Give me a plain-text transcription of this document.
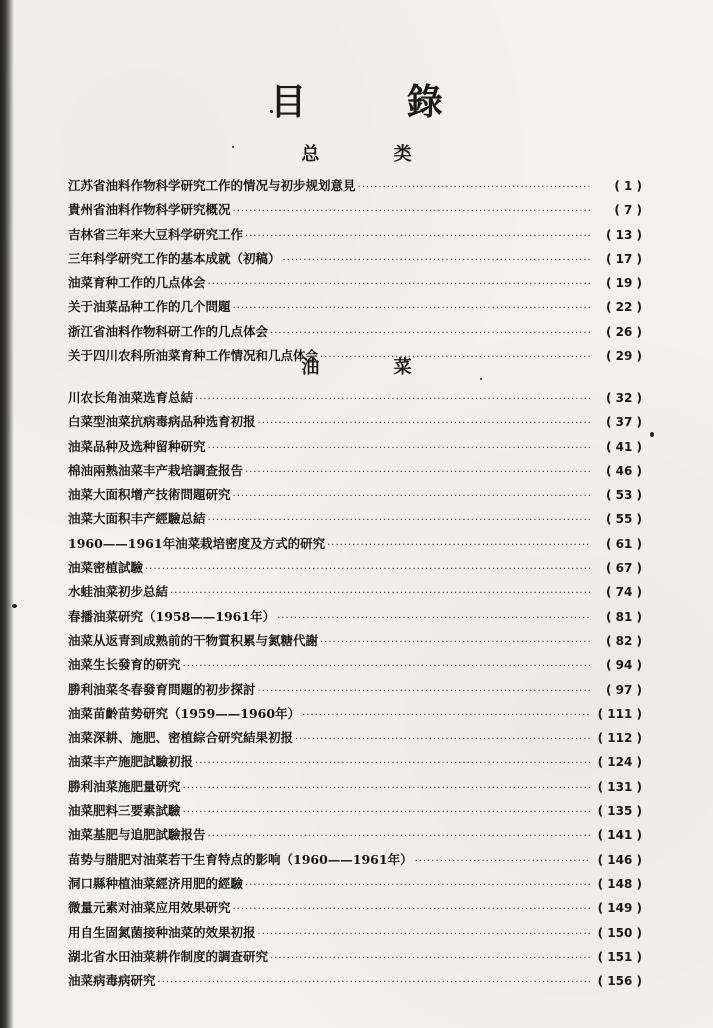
目 錄
总 类
江苏省油料作物科学研究工作的情况与初步规划意見 ·····	( 1 )
貴州省油料作物科学研究概况 ·····	( 7 )
吉林省三年来大豆科学研究工作 ·····	( 13 )
三年科学研究工作的基本成就（初稿） ·····	( 17 )
油菜育种工作的几点体会 ·····	( 19 )
关于油菜品种工作的几个問題 ·····	( 22 )
浙江省油料作物科研工作的几点体会 ·····	( 26 )
关于四川农科所油菜育种工作情况和几点体会 ·····	( 29 )
油 菜
川农长角油菜选育总結 ·····	( 32 )
白菜型油菜抗病毒病品种选育初报 ·····	( 37 )
油菜品种及选种留种研究 ·····	( 41 )
棉油兩熟油菜丰产栽培調查报告 ·····	( 46 )
油菜大面积增产技術問題研究 ·····	( 53 )
油菜大面积丰产經驗总結 ·····	( 55 )
1960——1961年油菜栽培密度及方式的研究 ·····	( 61 )
油菜密植試驗 ·····	( 67 )
水蛙油菜初步总結 ·····	( 74 )
春播油菜研究（1958——1961年） ·····	( 81 )
油菜从返青到成熟前的干物質积累与氮糖代謝 ·····	( 82 )
油菜生长發育的研究 ·····	( 94 )
勝利油菜冬春發育問題的初步探討 ·····	( 97 )
油菜苗齡苗势研究（1959——1960年） ·····	( 111 )
油菜深耕、施肥、密植綜合研究結果初报 ·····	( 112 )
油菜丰产施肥試驗初报 ·····	( 124 )
勝利油菜施肥量研究 ·····	( 131 )
油菜肥料三要素試驗 ·····	( 135 )
油菜基肥与追肥試驗报告 ·····	( 141 )
苗势与腊肥对油菜若干生育特点的影响（1960——1961年） ·····	( 146 )
洞口縣种植油菜經济用肥的經驗 ·····	( 148 )
微量元素对油菜应用效果研究 ·····	( 149 )
用自生固氮菌接种油菜的效果初报 ·····	( 150 )
湖北省水田油菜耕作制度的調查研究 ·····	( 151 )
油菜病毒病研究 ·····	( 156 )
